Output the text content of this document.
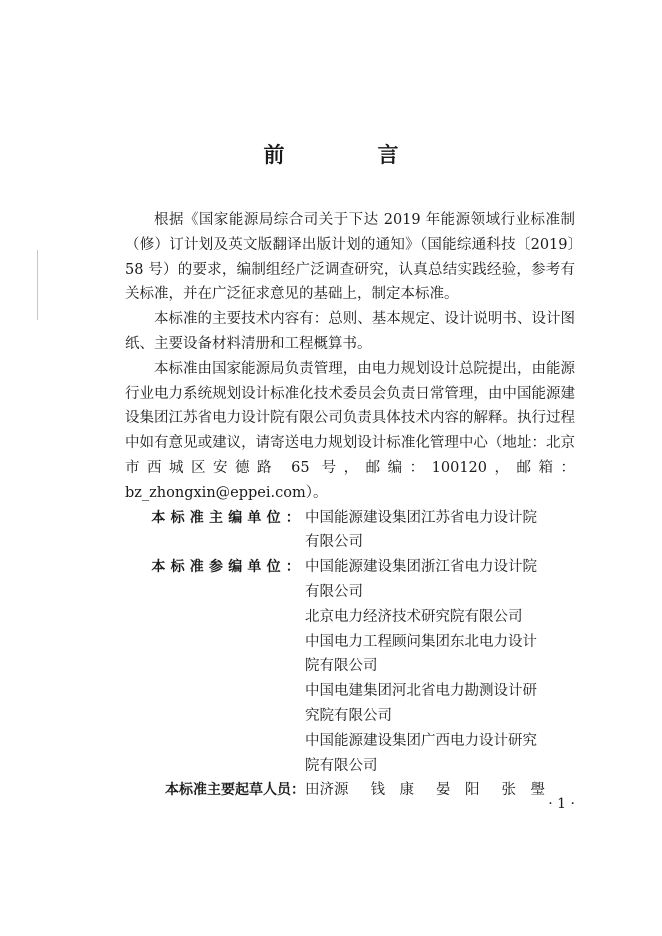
前　言

根据《国家能源局综合司关于下达 2019 年能源领域行业标准制（修）订计划及英文版翻译出版计划的通知》（国能综通科技〔2019〕58 号）的要求，编制组经广泛调查研究，认真总结实践经验，参考有关标准，并在广泛征求意见的基础上，制定本标准。

本标准的主要技术内容有：总则、基本规定、设计说明书、设计图纸、主要设备材料清册和工程概算书。

本标准由国家能源局负责管理，由电力规划设计总院提出，由能源行业电力系统规划设计标准化技术委员会负责日常管理，由中国能源建设集团江苏省电力设计院有限公司负责具体技术内容的解释。执行过程中如有意见或建议，请寄送电力规划设计标准化管理中心（地址：北京市西城区安德路 65 号，邮编：100120，邮箱：bz_zhongxin@eppei.com）。

本标准主编单位： 中国能源建设集团江苏省电力设计院

有限公司

本标准参编单位： 中国能源建设集团浙江省电力设计院

有限公司

北京电力经济技术研究院有限公司

中国电力工程顾问集团东北电力设计

院有限公司

中国电建集团河北省电力勘测设计研

究院有限公司

中国能源建设集团广西电力设计研究

院有限公司

本标准主要起草人员： 田济源 钱　康 晏　阳 张　璺
· 1 ·
